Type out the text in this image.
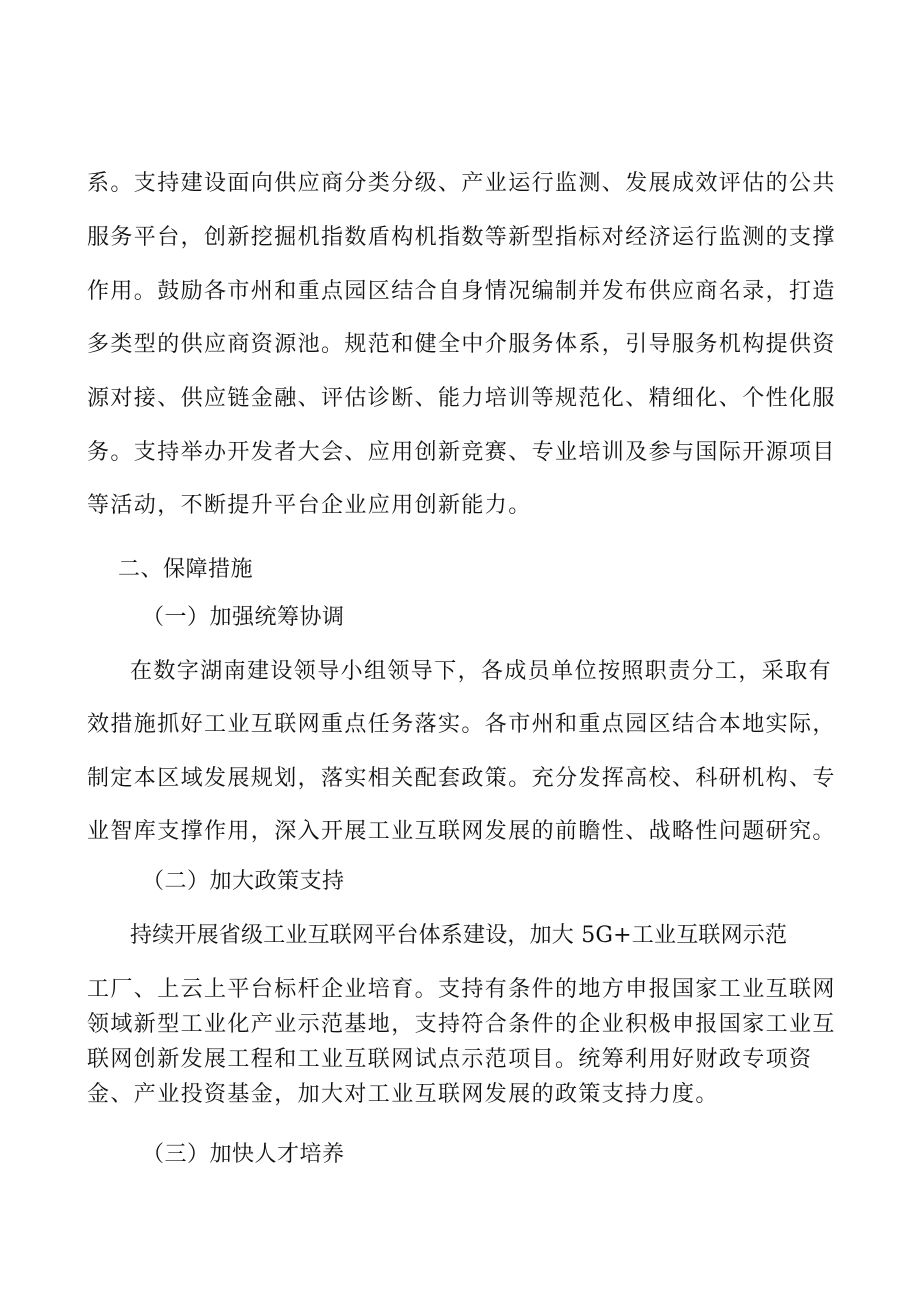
系。支持建设面向供应商分类分级、产业运行监测、发展成效评估的公共

服务平台，创新挖掘机指数盾构机指数等新型指标对经济运行监测的支撑

作用。鼓励各市州和重点园区结合自身情况编制并发布供应商名录，打造

多类型的供应商资源池。规范和健全中介服务体系，引导服务机构提供资

源对接、供应链金融、评估诊断、能力培训等规范化、精细化、个性化服

务。支持举办开发者大会、应用创新竞赛、专业培训及参与国际开源项目

等活动，不断提升平台企业应用创新能力。

二、保障措施

（一）加强统筹协调

在数字湖南建设领导小组领导下，各成员单位按照职责分工，采取有

效措施抓好工业互联网重点任务落实。各市州和重点园区结合本地实际，

制定本区域发展规划，落实相关配套政策。充分发挥高校、科研机构、专

业智库支撑作用，深入开展工业互联网发展的前瞻性、战略性问题研究。

（二）加大政策支持

持续开展省级工业互联网平台体系建设，加大 5G+工业互联网示范

工厂、上云上平台标杆企业培育。支持有条件的地方申报国家工业互联网

领域新型工业化产业示范基地，支持符合条件的企业积极申报国家工业互

联网创新发展工程和工业互联网试点示范项目。统筹利用好财政专项资

金、产业投资基金，加大对工业互联网发展的政策支持力度。

（三）加快人才培养
